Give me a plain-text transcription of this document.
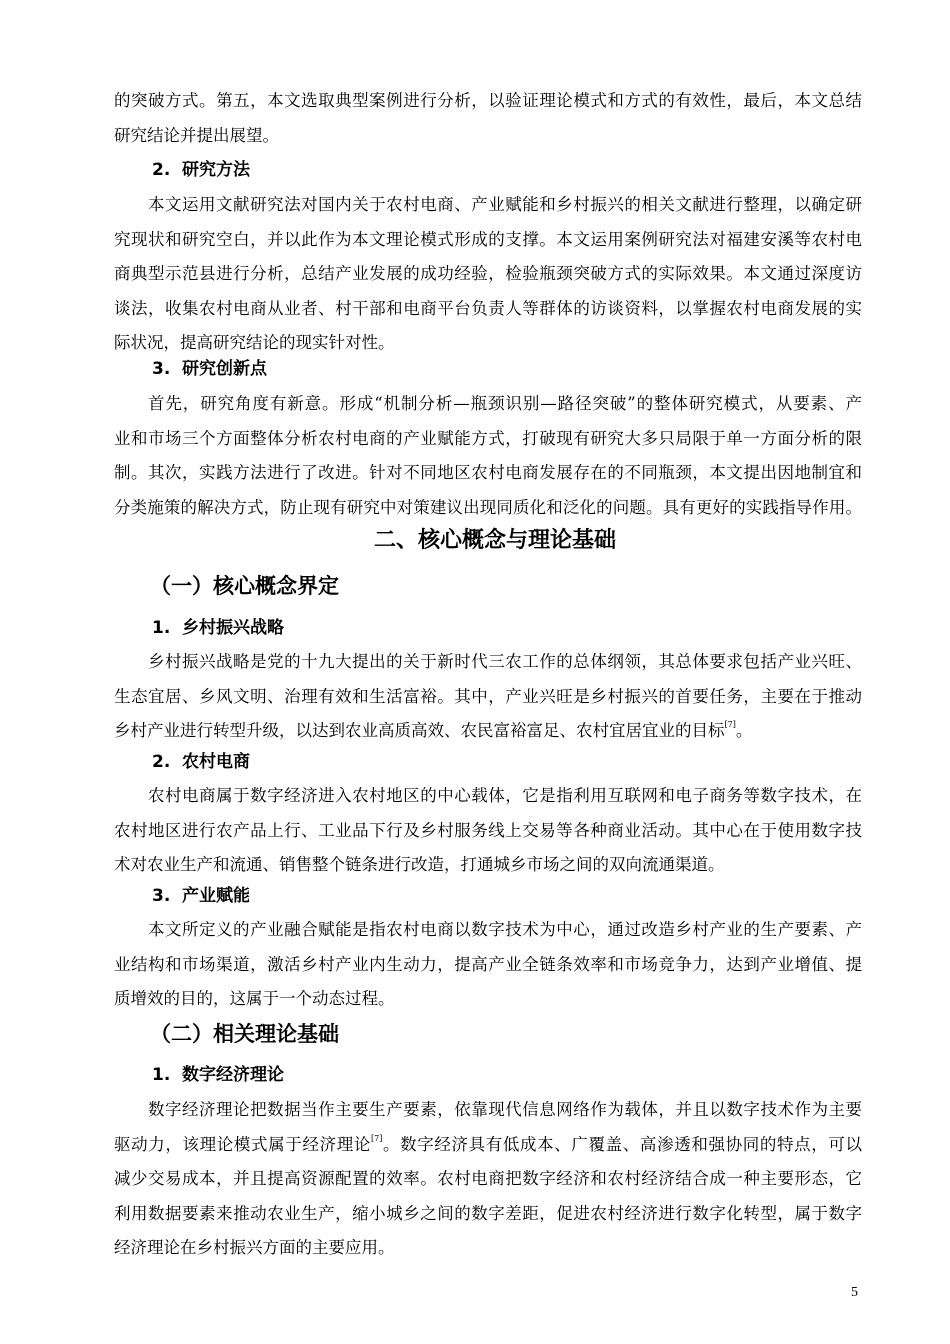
的突破方式。第五，本文选取典型案例进行分析，以验证理论模式和方式的有效性，最后，本文总结
研究结论并提出展望。

2. 研究方法

本文运用文献研究法对国内关于农村电商、产业赋能和乡村振兴的相关文献进行整理，以确定研
究现状和研究空白，并以此作为本文理论模式形成的支撑。本文运用案例研究法对福建安溪等农村电
商典型示范县进行分析，总结产业发展的成功经验，检验瓶颈突破方式的实际效果。本文通过深度访
谈法，收集农村电商从业者、村干部和电商平台负责人等群体的访谈资料，以掌握农村电商发展的实
际状况，提高研究结论的现实针对性。

3. 研究创新点

首先，研究角度有新意。形成“机制分析—瓶颈识别—路径突破”的整体研究模式，从要素、产
业和市场三个方面整体分析农村电商的产业赋能方式，打破现有研究大多只局限于单一方面分析的限
制。其次，实践方法进行了改进。针对不同地区农村电商发展存在的不同瓶颈，本文提出因地制宜和
分类施策的解决方式，防止现有研究中对策建议出现同质化和泛化的问题。具有更好的实践指导作用。

二、核心概念与理论基础
（一）核心概念界定
1. 乡村振兴战略

乡村振兴战略是党的十九大提出的关于新时代三农工作的总体纲领，其总体要求包括产业兴旺、
生态宜居、乡风文明、治理有效和生活富裕。其中，产业兴旺是乡村振兴的首要任务，主要在于推动
乡村产业进行转型升级，以达到农业高质高效、农民富裕富足、农村宜居宜业的目标[7]。

2. 农村电商

农村电商属于数字经济进入农村地区的中心载体，它是指利用互联网和电子商务等数字技术，在
农村地区进行农产品上行、工业品下行及乡村服务线上交易等各种商业活动。其中心在于使用数字技
术对农业生产和流通、销售整个链条进行改造，打通城乡市场之间的双向流通渠道。

3. 产业赋能

本文所定义的产业融合赋能是指农村电商以数字技术为中心，通过改造乡村产业的生产要素、产
业结构和市场渠道，激活乡村产业内生动力，提高产业全链条效率和市场竞争力，达到产业增值、提
质增效的目的，这属于一个动态过程。

（二）相关理论基础
1. 数字经济理论

数字经济理论把数据当作主要生产要素，依靠现代信息网络作为载体，并且以数字技术作为主要
驱动力，该理论模式属于经济理论[7]。数字经济具有低成本、广覆盖、高渗透和强协同的特点，可以
减少交易成本，并且提高资源配置的效率。农村电商把数字经济和农村经济结合成一种主要形态，它
利用数据要素来推动农业生产，缩小城乡之间的数字差距，促进农村经济进行数字化转型，属于数字
经济理论在乡村振兴方面的主要应用。

5
